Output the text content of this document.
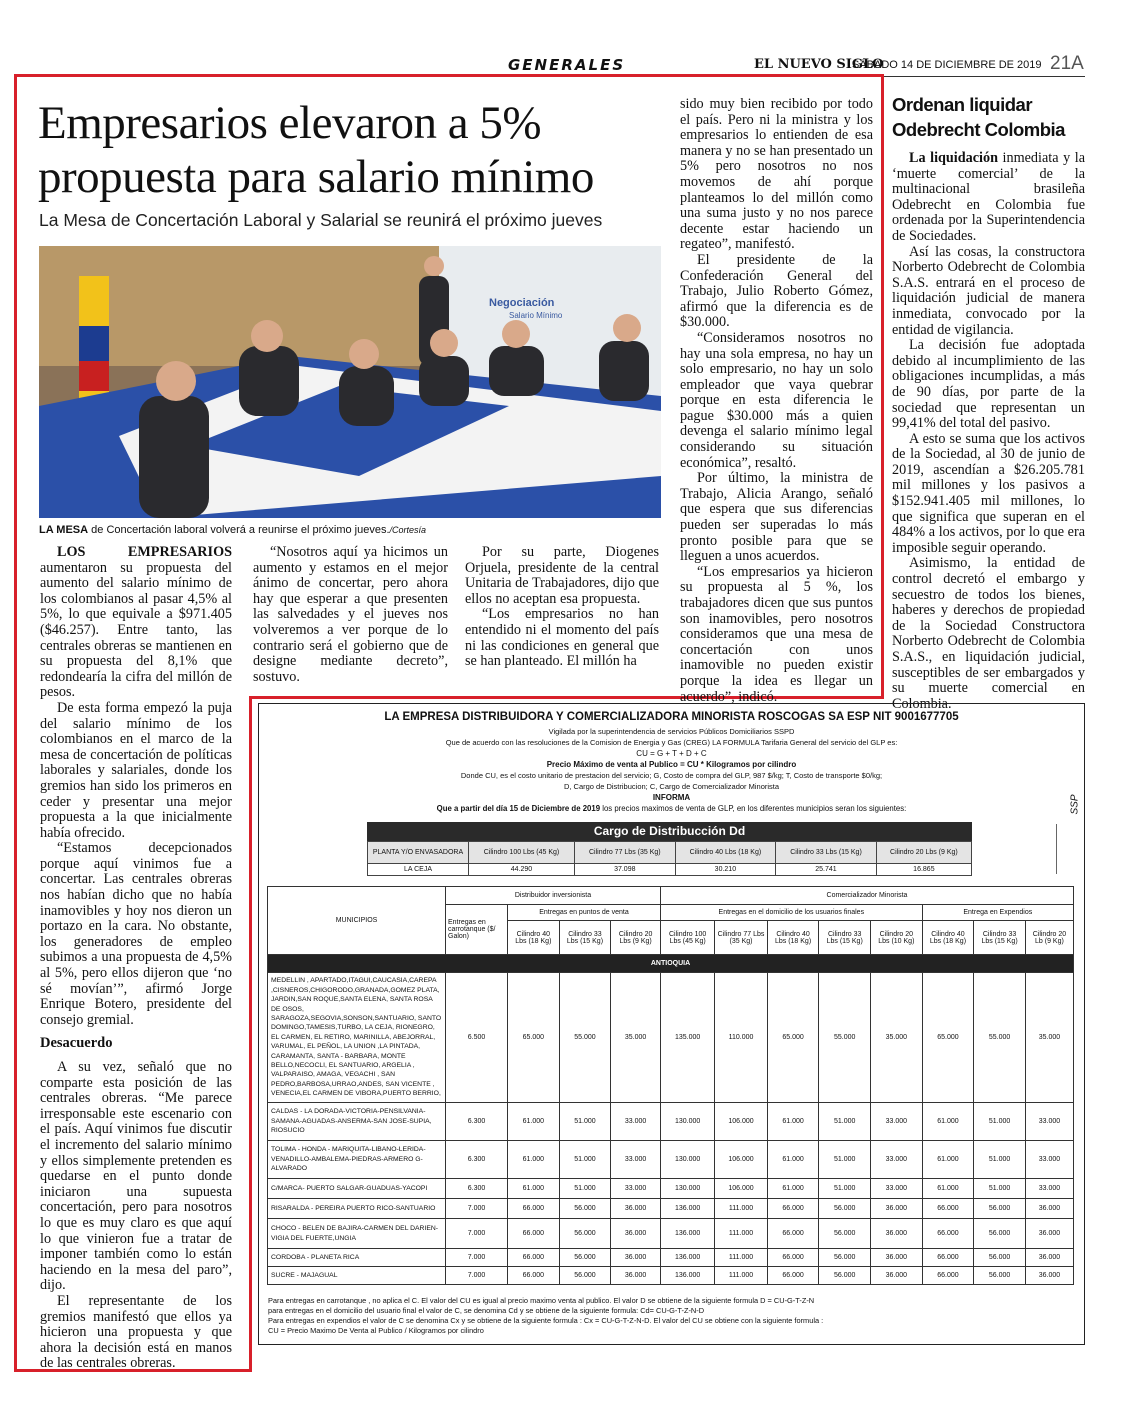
GENERALES	EL NUEVO SIGLO
SÁBADO 14 DE DICIEMBRE DE 2019 21A
Empresarios elevaron a 5% propuesta para salario mínimo
La Mesa de Concertación Laboral y Salarial se reunirá el próximo jueves
Negociación
Salario Mínimo
LA MESA de Concertación laboral volverá a reunirse el próximo jueves./Cortesía

LOS EMPRESARIOS aumentaron su propuesta del aumento del salario mínimo de los colombianos al pasar 4,5% al 5%, lo que equivale a $971.405 ($46.257). Entre tanto, las centrales obreras se mantienen en su propuesta del 8,1% que redondearía la cifra del millón de pesos.

De esta forma empezó la puja del salario mínimo de los colombianos en el marco de la mesa de concertación de políticas laborales y salariales, donde los gremios han sido los primeros en ceder y presentar una mejor propuesta a la que inicialmente había ofrecido.

“Estamos decepcionados porque aquí vinimos fue a concertar. Las centrales obreras nos habían dicho que no había inamovibles y hoy nos dieron un portazo en la cara. No obstante, los generadores de empleo subimos a una propuesta de 4,5% al 5%, pero ellos dijeron que ‘no sé movían’”, afirmó Jorge Enrique Botero, presidente del consejo gremial.

Desacuerdo

A su vez, señaló que no comparte esta posición de las centrales obreras. “Me parece irresponsable este escenario con el país. Aquí vinimos fue discutir el incremento del salario mínimo y ellos simplemente pretenden es quedarse en el punto donde iniciaron una supuesta concertación, pero para nosotros lo que es muy claro es que aquí lo que vinieron fue a tratar de imponer también como lo están haciendo en la mesa del paro”, dijo.

El representante de los gremios manifestó que ellos ya hicieron una propuesta y que ahora la decisión está en manos de las centrales obreras.

“Nosotros aquí ya hicimos un aumento y estamos en el mejor ánimo de concertar, pero ahora hay que esperar a que presenten las salvedades y el jueves nos volveremos a ver porque de lo contrario será el gobierno que de designe mediante decreto”, sostuvo.

Por su parte, Diogenes Orjuela, presidente de la central Unitaria de Trabajadores, dijo que ellos no aceptan esa propuesta.

“Los empresarios no han entendido ni el momento del país ni las condiciones en general que se han planteado. El millón ha

sido muy bien recibido por todo el país. Pero ni la ministra y los empresarios lo entienden de esa manera y no se han presentado un 5% pero nosotros no nos movemos de ahí porque planteamos lo del millón como una suma justo y no nos parece decente estar haciendo un regateo”, manifestó.

El presidente de la Confederación General del Trabajo, Julio Roberto Gómez, afirmó que la diferencia es de $30.000.

“Consideramos nosotros no hay una sola empresa, no hay un solo empresario, no hay un solo empleador que vaya quebrar porque en esta diferencia le pague $30.000 más a quien devenga el salario mínimo legal considerando su situación económica”, resaltó.

Por último, la ministra de Trabajo, Alicia Arango, señaló que espera que sus diferencias pueden ser superadas lo más pronto posible para que se lleguen a unos acuerdos.

“Los empresarios ya hicieron su propuesta al 5 %, los trabajadores dicen que sus puntos son inamovibles, pero nosotros consideramos que una mesa de concertación con unos inamovible no pueden existir porque la idea es llegar un acuerdo”, indicó.

Ordenan liquidar Odebrecht Colombia

La liquidación inmediata y la ‘muerte comercial’ de la multinacional brasileña Odebrecht en Colombia fue ordenada por la Superintendencia de Sociedades.

Así las cosas, la constructora Norberto Odebrecht de Colombia S.A.S. entrará en el proceso de liquidación judicial de manera inmediata, convocado por la entidad de vigilancia.

La decisión fue adoptada debido al incumplimiento de las obligaciones incumplidas, a más de 90 días, por parte de la sociedad que representan un 99,41% del total del pasivo.

A esto se suma que los activos de la Sociedad, al 30 de junio de 2019, ascendían a $26.205.781 mil millones y los pasivos a $152.941.405 mil millones, lo que significa que superan en el 484% a los activos, por lo que era imposible seguir operando.

Asimismo, la entidad de control decretó el embargo y secuestro de todos los bienes, haberes y derechos de propiedad de la Sociedad Constructora Norberto Odebrecht de Colombia S.A.S., en liquidación judicial, susceptibles de ser embargados y su muerte comercial en Colombia.

LA EMPRESA DISTRIBUIDORA Y COMERCIALIZADORA MINORISTA ROSCOGAS SA ESP NIT 9001677705
Vigilada por la superintendencia de servicios Públicos Domiciliarios SSPD
Que de acuerdo con las resoluciones de la Comision de Energia y Gas (CREG) LA FORMULA Tarifaria General del servicio del GLP es:
CU = G + T + D + C
Precio Máximo de venta al Publico = CU * Kilogramos por cilindro
Donde CU, es el costo unitario de prestacion del servicio; G, Costo de compra del GLP, 987 $/kg; T, Costo de transporte $0/kg;
D, Cargo de Distribucion; C, Cargo de Comercializador Minorista
INFORMA
Que a partir del día 15 de Diciembre de 2019 los precios maximos de venta de GLP, en los diferentes municipios seran los siguientes:	SSP
Cargo de Distribucción Dd
PLANTA Y/O ENVASADORA	Cilindro 100 Lbs (45 Kg)	Cilindro 77 Lbs (35 Kg)	Cilindro 40 Lbs (18 Kg)	Cilindro 33 Lbs (15 Kg)	Cilindro 20 Lbs (9 Kg)
LA CEJA	44.290	37.098	30.210	25.741	16.865
MUNICIPIOS	Distribuidor inversionista				Comercializador Minorista							
	Entregas en carrotanque ($/ Galon)	Entregas en puntos de venta			Entregas en el domicilio de los usuarios finales					Entrega en Expendios		
		Cilindro 40 Lbs (18 Kg)	Cilindro 33 Lbs (15 Kg)	Cilindro 20 Lbs (9 Kg)	Cilindro 100 Lbs (45 Kg)	Cilindro 77 Lbs (35 Kg)	Cilindro 40 Lbs (18 Kg)	Cilindro 33 Lbs (15 Kg)	Cilindro 20 Lbs (10 Kg)	Cilindro 40 Lbs (18 Kg)	Cilindro 33 Lbs (15 Kg)	Cilindro 20 Lb (9 Kg)
ANTIOQUIA												
MEDELLIN , APARTADO,ITAGUI,CAUCASIA,CAREPA ,CISNEROS,CHIGORODO,GRANADA,GOMEZ PLATA, JARDIN,SAN ROQUE,SANTA ELENA, SANTA ROSA DE OSOS, SARAGOZA,SEGOVIA,SONSON,SANTUARIO, SANTO DOMINGO,TAMESIS,TURBO, LA CEJA, RIONEGRO, EL CARMEN, EL RETIRO, MARINILLA, ABEJORRAL, VARUMAL, EL PEÑOL, LA UNION ,LA PINTADA, CARAMANTA, SANTA - BARBARA, MONTE BELLO,NECOCLI, EL SANTUARIO, ARGELIA , VALPARAISO, AMAGA, VEGACHI , SAN PEDRO,BARBOSA,URRAO,ANDES, SAN VICENTE , VENECIA,EL CARMEN DE VIBORA,PUERTO BERRIO,	6.500	65.000	55.000	35.000	135.000	110.000	65.000	55.000	35.000	65.000	55.000	35.000
CALDAS - LA DORADA-VICTORIA-PENSILVANIA-SAMANA-AGUADAS-ANSERMA-SAN JOSE-SUPIA, RIOSUCIO	6.300	61.000	51.000	33.000	130.000	106.000	61.000	51.000	33.000	61.000	51.000	33.000
TOLIMA - HONDA - MARIQUITA-LIBANO-LERIDA-VENADILLO-AMBALEMA-PIEDRAS-ARMERO G-ALVARADO	6.300	61.000	51.000	33.000	130.000	106.000	61.000	51.000	33.000	61.000	51.000	33.000
C/MARCA- PUERTO SALGAR-GUADUAS-YACOPI	6.300	61.000	51.000	33.000	130.000	106.000	61.000	51.000	33.000	61.000	51.000	33.000
RISARALDA - PEREIRA PUERTO RICO-SANTUARIO	7.000	66.000	56.000	36.000	136.000	111.000	66.000	56.000	36.000	66.000	56.000	36.000
CHOCO - BELEN DE BAJIRA-CARMEN DEL DARIEN-VIGIA DEL FUERTE,UNGIA	7.000	66.000	56.000	36.000	136.000	111.000	66.000	56.000	36.000	66.000	56.000	36.000
CORDOBA - PLANETA RICA	7.000	66.000	56.000	36.000	136.000	111.000	66.000	56.000	36.000	66.000	56.000	36.000
SUCRE - MAJAGUAL	7.000	66.000	56.000	36.000	136.000	111.000	66.000	56.000	36.000	66.000	56.000	36.000
Para entregas en carrotanque , no aplica el C. El valor del CU es igual al precio maximo venta al publico. El valor D se obtiene de la siguiente formula D = CU-G-T-Z-N
para entregas en el domicilio del usuario final el valor de C, se denomina Cd y se obtiene de la siguiente formula: Cd= CU-G-T-Z-N-D
Para entregas en expendios el valor de C se denomina Cx y se obtiene de la siguiente formula : Cx = CU-G-T-Z-N-D. El valor del CU se obtiene con la siguiente formula :
CU = Precio Maximo De Venta al Publico / Kilogramos por cilindro
